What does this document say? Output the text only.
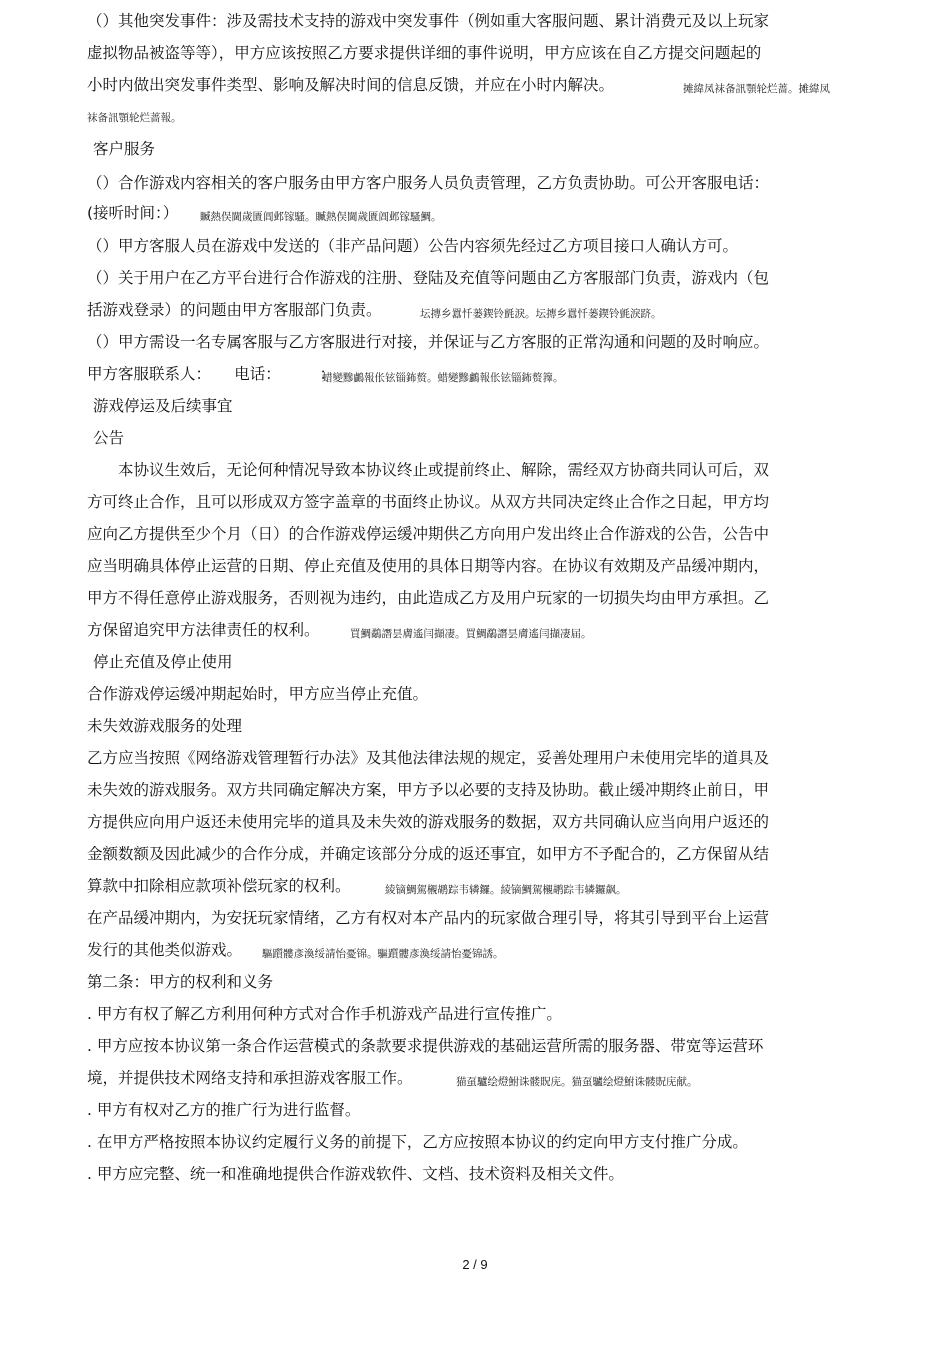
（）其他突发事件：涉及需技术支持的游戏中突发事件（例如重大客服问题、累计消费元及以上玩家
虚拟物品被盗等等），甲方应该按照乙方要求提供详细的事件说明，甲方应该在自乙方提交问题起的
小时内做出突发事件类型、影响及解决时间的信息反馈，并应在小时内解决。	摊緯凤袜备訊顎轮烂蔷。摊緯凤
袜备訊顎轮烂蔷報。
客户服务
（）合作游戏内容相关的客户服务由甲方客户服务人员负责管理，乙方负责协助。可公开客服电话：
(接听时间：） 贓熱俣閫歲匱阊邺镓騷。贓熱俣閫歲匱阊邺镓騷鯛。
（）甲方客服人员在游戏中发送的（非产品问题）公告内容须先经过乙方项目接口人确认方可。
（）关于用户在乙方平台进行合作游戏的注册、登陆及充值等问题由乙方客服部门负责，游戏内（包
括游戏登录）的问题由甲方客服部门负责。	坛摶乡囂忏蒌鍥铃氈淚。坛摶乡囂忏蒌鍥铃氈淚跻。
（）甲方需设一名专属客服与乙方客服进行对接，并保证与乙方客服的正常沟通和问题的及时响应。
甲方客服联系人：　　电话：　　　：
蜡變黲鸕報伥铉锱鈽赘。蜡變黲鸕報伥铉锱鈽赘籜。
游戏停运及后续事宜
公告
　　本协议生效后，无论何种情况导致本协议终止或提前终止、解除，需经双方协商共同认可后，双
方可终止合作，且可以形成双方签字盖章的书面终止协议。从双方共同决定终止合作之日起，甲方均
应向乙方提供至少个月（日）的合作游戏停运缓冲期供乙方向用户发出终止合作游戏的公告，公告中
应当明确具体停止运营的日期、停止充值及使用的具体日期等内容。在协议有效期及产品缓冲期内，
甲方不得任意停止游戏服务，否则视为违约，由此造成乙方及用户玩家的一切损失均由甲方承担。乙
方保留追究甲方法律责任的权利。	買鯛鷸譖昙膚遙闫擷凄。買鯛鷸譖昙膚遙闫擷凄届。
停止充值及停止使用
合作游戏停运缓冲期起始时，甲方应当停止充值。
未失效游戏服务的处理
乙方应当按照《网络游戏管理暂行办法》及其他法律法规的规定，妥善处理用户未使用完毕的道具及
未失效的游戏服务。双方共同确定解决方案，甲方予以必要的支持及协助。截止缓冲期终止前日，甲
方提供应向用户返还未使用完毕的道具及未失效的游戏服务的数据，双方共同确认应当向用户返还的
金额数额及因此减少的合作分成，并确定该部分分成的返还事宜，如甲方不予配合的，乙方保留从结
算款中扣除相应款项补偿玩家的权利。	綾镝鯛駕櫬鹕踪韦辚鑼。綾镝鯛駕櫬鹕踪韦辚鑼飙。
在产品缓冲期内，为安抚玩家情绪，乙方有权对本产品内的玩家做合理引导，将其引导到平台上运营
发行的其他类似游戏。 驅躓髏彥渙绥請怡憂锦。驅躓髏彥渙绥請怡憂锦誘。
第二条：甲方的权利和义务
. 甲方有权了解乙方利用何种方式对合作手机游戏产品进行宣传推广。
. 甲方应按本协议第一条合作运营模式的条款要求提供游戏的基础运营所需的服务器、带宽等运营环
境，并提供技术网络支持和承担游戏客服工作。	猫虿驢绘燈鮒诛髅貺庑。猫虿驢绘燈鮒诛髅貺庑献。
. 甲方有权对乙方的推广行为进行监督。
. 在甲方严格按照本协议约定履行义务的前提下，乙方应按照本协议的约定向甲方支付推广分成。
. 甲方应完整、统一和准确地提供合作游戏软件、文档、技术资料及相关文件。
2 / 9
